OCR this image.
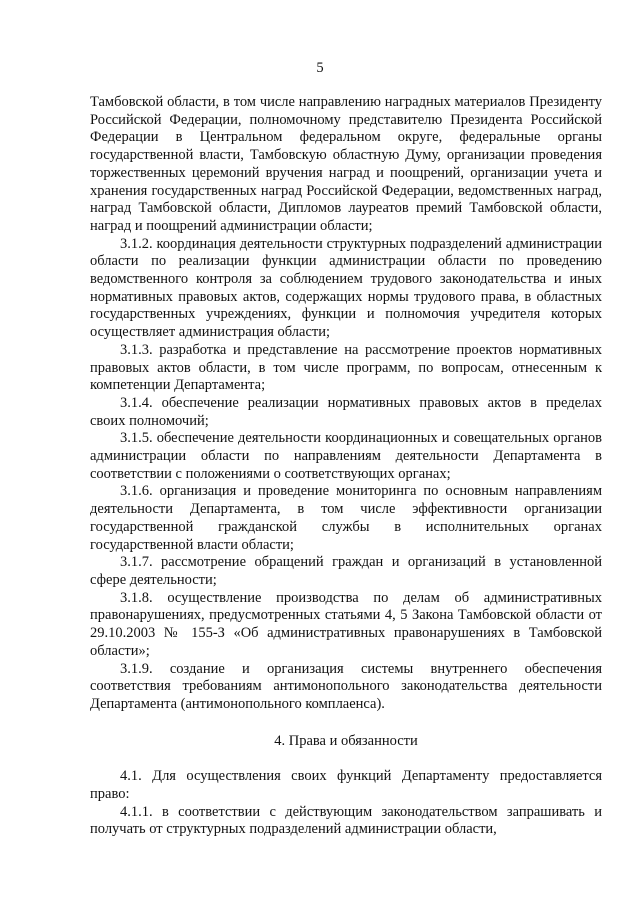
5

Тамбовской области, в том числе направлению наградных материалов Президенту Российской Федерации, полномочному представителю Президента Российской Федерации в Центральном федеральном округе, федеральные органы государственной власти, Тамбовскую областную Думу, организации проведения торжественных церемоний вручения наград и поощрений, организации учета и хранения государственных наград Российской Федерации, ведомственных наград, наград Тамбовской области, Дипломов лауреатов премий Тамбовской области, наград и поощрений администрации области;

3.1.2. координация деятельности структурных подразделений администрации области по реализации функции администрации области по проведению ведомственного контроля за соблюдением трудового законодательства и иных нормативных правовых актов, содержащих нормы трудового права, в областных государственных учреждениях, функции и полномочия учредителя которых осуществляет администрация области;

3.1.3. разработка и представление на рассмотрение проектов нормативных правовых актов области, в том числе программ, по вопросам, отнесенным к компетенции Департамента;

3.1.4. обеспечение реализации нормативных правовых актов в пределах своих полномочий;

3.1.5. обеспечение деятельности координационных и совещательных органов администрации области по направлениям деятельности Департамента в соответствии с положениями о соответствующих органах;

3.1.6. организация и проведение мониторинга по основным направлениям деятельности Департамента, в том числе эффективности организации государственной гражданской службы в исполнительных органах государственной власти области;

3.1.7. рассмотрение обращений граждан и организаций в установленной сфере деятельности;

3.1.8. осуществление производства по делам об административных правонарушениях, предусмотренных статьями 4, 5 Закона Тамбовской области от 29.10.2003 № 155-З «Об административных правонарушениях в Тамбовской области»;

3.1.9. создание и организация системы внутреннего обеспечения соответствия требованиям антимонопольного законодательства деятельности Департамента (антимонопольного комплаенса).

4. Права и обязанности

4.1. Для осуществления своих функций Департаменту предоставляется право:

4.1.1. в соответствии с действующим законодательством запрашивать и получать от структурных подразделений администрации области,
